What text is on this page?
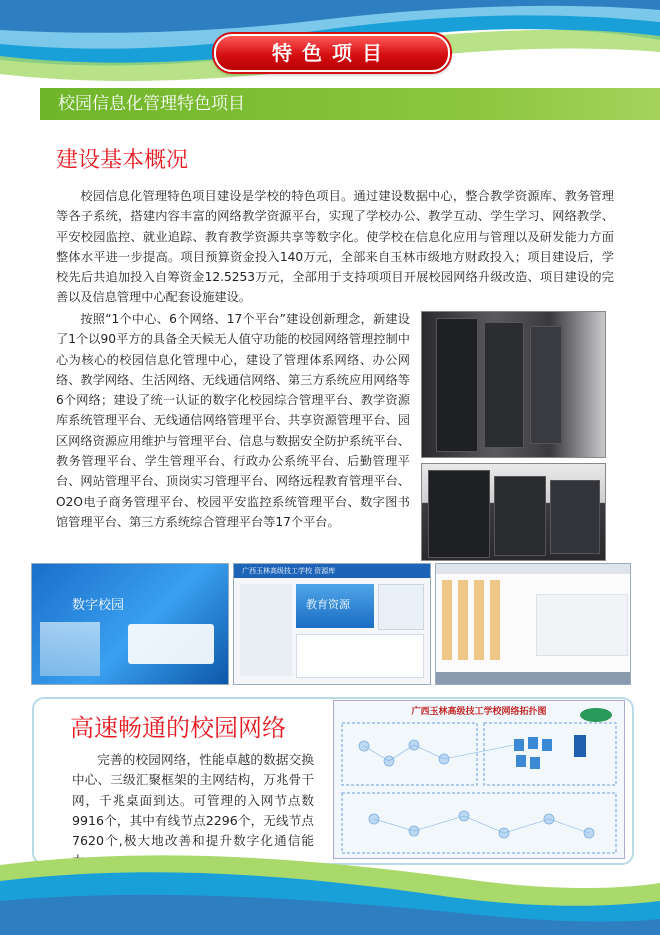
特色项目
校园信息化管理特色项目
建设基本概况

校园信息化管理特色项目建设是学校的特色项目。通过建设数据中心，整合教学资源库、教务管理等各子系统，搭建内容丰富的网络教学资源平台，实现了学校办公、教学互动、学生学习、网络教学、平安校园监控、就业追踪、教育教学资源共享等数字化。使学校在信息化应用与管理以及研发能力方面整体水平进一步提高。项目预算资金投入140万元，全部来自玉林市级地方财政投入；项目建设后，学校先后共追加投入自筹资金12.5253万元，全部用于支持项项目开展校园网络升级改造、项目建设的完善以及信息管理中心配套设施建设。

按照“1个中心、6个网络、17个平台”建设创新理念，新建设了1个以90平方的具备全天候无人值守功能的校园网络管理控制中心为核心的校园信息化管理中心，建设了管理体系网络、办公网络、教学网络、生活网络、无线通信网络、第三方系统应用网络等6个网络；建设了统一认证的数字化校园综合管理平台、教学资源库系统管理平台、无线通信网络管理平台、共享资源管理平台、园区网络资源应用维护与管理平台、信息与数据安全防护系统平台、教务管理平台、学生管理平台、行政办公系统平台、后勤管理平台、网站管理平台、顶岗实习管理平台、网络远程教育管理平台、O2O电子商务管理平台、校园平安监控系统管理平台、数字图书馆管理平台、第三方系统综合管理平台等17个平台。

数字校园
广西玉林高级技工学校 资源库
教育资源
高速畅通的校园网络

完善的校园网络，性能卓越的数据交换中心、三级汇聚框架的主网结构，万兆骨干网，千兆桌面到达。可管理的入网节点数9916个，其中有线节点2296个，无线节点7620个,极大地改善和提升数字化通信能

广西玉林高级技工学校网络拓扑图
